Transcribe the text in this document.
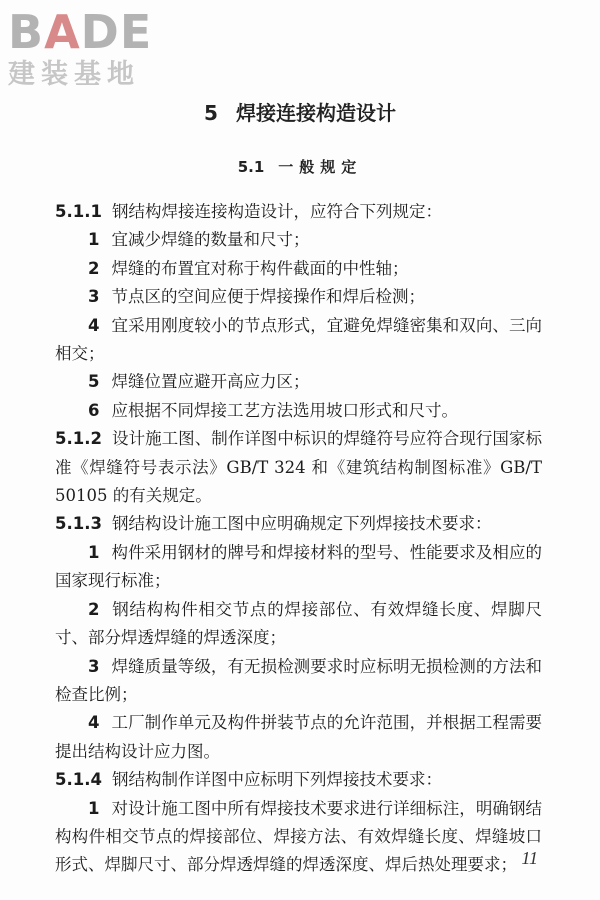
BADE
建装基地
5 焊接连接构造设计
5.1 一般规定

5.1.1 钢结构焊接连接构造设计，应符合下列规定：

1 宜减少焊缝的数量和尺寸；

2 焊缝的布置宜对称于构件截面的中性轴；

3 节点区的空间应便于焊接操作和焊后检测；

4 宜采用刚度较小的节点形式，宜避免焊缝密集和双向、三向相交；

5 焊缝位置应避开高应力区；

6 应根据不同焊接工艺方法选用坡口形式和尺寸。

5.1.2 设计施工图、制作详图中标识的焊缝符号应符合现行国家标准《焊缝符号表示法》GB/T 324 和《建筑结构制图标准》GB/T 50105 的有关规定。

5.1.3 钢结构设计施工图中应明确规定下列焊接技术要求：

1 构件采用钢材的牌号和焊接材料的型号、性能要求及相应的国家现行标准；

2 钢结构构件相交节点的焊接部位、有效焊缝长度、焊脚尺寸、部分焊透焊缝的焊透深度；

3 焊缝质量等级，有无损检测要求时应标明无损检测的方法和检查比例；

4 工厂制作单元及构件拼装节点的允许范围，并根据工程需要提出结构设计应力图。

5.1.4 钢结构制作详图中应标明下列焊接技术要求：

1 对设计施工图中所有焊接技术要求进行详细标注，明确钢结构构件相交节点的焊接部位、焊接方法、有效焊缝长度、焊缝坡口形式、焊脚尺寸、部分焊透焊缝的焊透深度、焊后热处理要求； 11
